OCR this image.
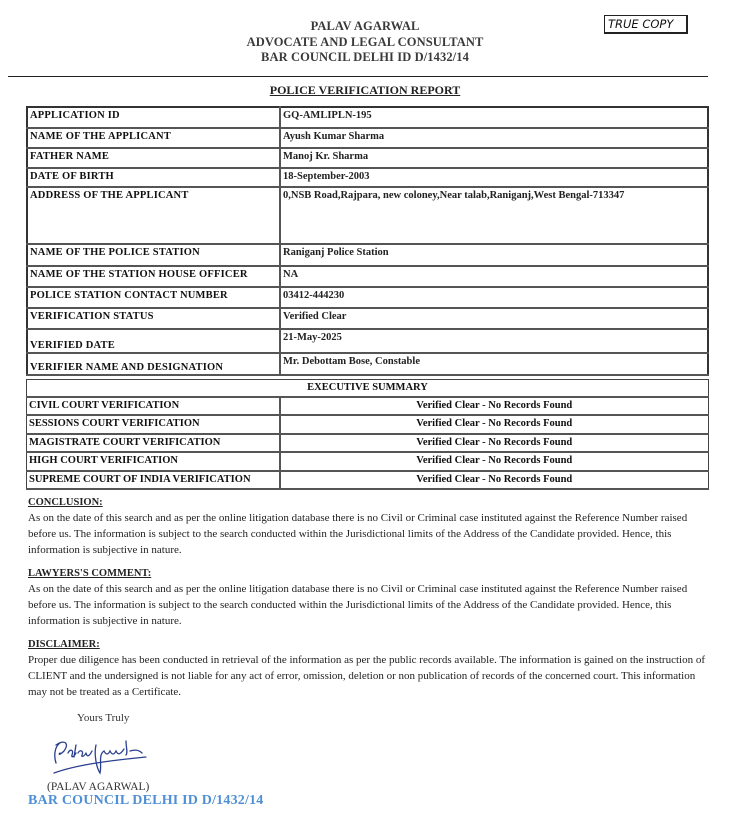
PALAV AGARWAL
ADVOCATE AND LEGAL CONSULTANT
BAR COUNCIL DELHI ID D/1432/14
TRUE COPY
POLICE VERIFICATION REPORT
APPLICATION ID	GQ-AMLIPLN-195
NAME OF THE APPLICANT	Ayush Kumar Sharma
FATHER NAME	Manoj Kr. Sharma
DATE OF BIRTH	18-September-2003
ADDRESS OF THE APPLICANT	0,NSB Road,Rajpara, new coloney,Near talab,Raniganj,West Bengal-713347
NAME OF THE POLICE STATION	Raniganj Police Station
NAME OF THE STATION HOUSE OFFICER	NA
POLICE STATION CONTACT NUMBER	03412-444230
VERIFICATION STATUS	Verified Clear
VERIFIED DATE	21-May-2025
VERIFIER NAME AND DESIGNATION	Mr. Debottam Bose, Constable
EXECUTIVE SUMMARY	
CIVIL COURT VERIFICATION	Verified Clear - No Records Found
SESSIONS COURT VERIFICATION	Verified Clear - No Records Found
MAGISTRATE COURT VERIFICATION	Verified Clear - No Records Found
HIGH COURT VERIFICATION	Verified Clear - No Records Found
SUPREME COURT OF INDIA VERIFICATION	Verified Clear - No Records Found
CONCLUSION:
As on the date of this search and as per the online litigation database there is no Civil or Criminal case instituted against the Reference Number raised before us. The information is subject to the search conducted within the Jurisdictional limits of the Address of the Candidate provided. Hence, this information is subjective in nature.
LAWYERS'S COMMENT:
As on the date of this search and as per the online litigation database there is no Civil or Criminal case instituted against the Reference Number raised before us. The information is subject to the search conducted within the Jurisdictional limits of the Address of the Candidate provided. Hence, this information is subjective in nature.
DISCLAIMER:
Proper due diligence has been conducted in retrieval of the information as per the public records available. The information is gained on the instruction of CLIENT and the undersigned is not liable for any act of error, omission, deletion or non publication of records of the concerned court. This information may not be treated as a Certificate.
Yours Truly
(PALAV AGARWAL)
BAR COUNCIL DELHI ID D/1432/14
